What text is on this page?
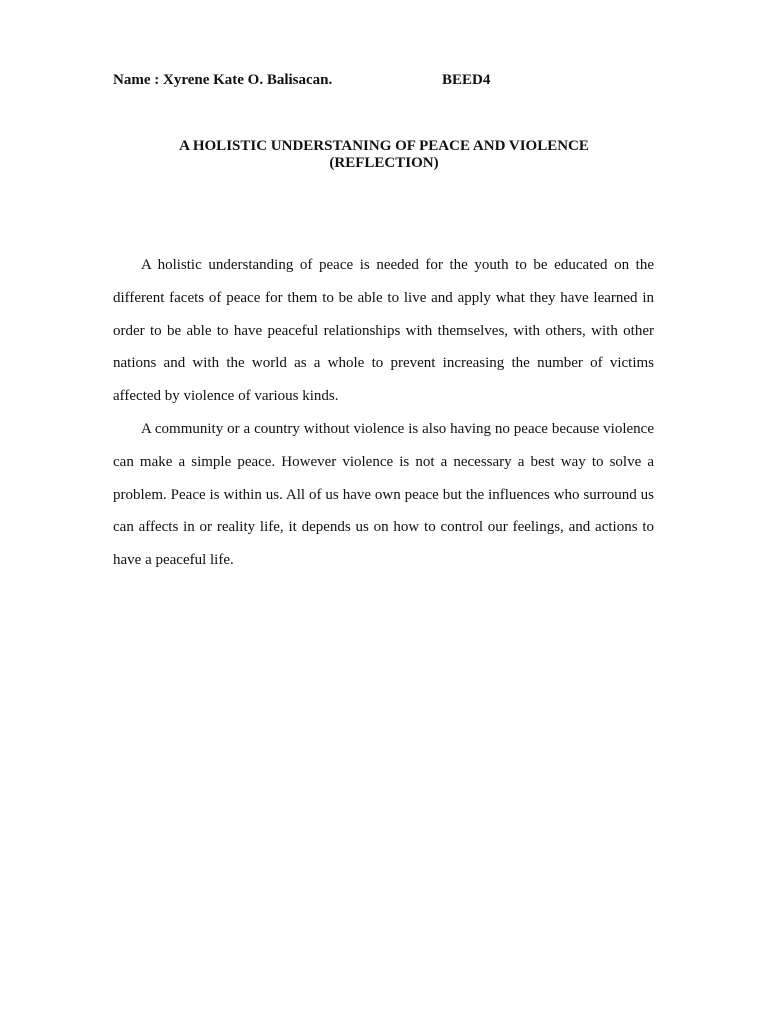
Name : Xyrene Kate O. Balisacan.	BEED4
A HOLISTIC UNDERSTANING OF PEACE AND VIOLENCE
(REFLECTION)

A holistic understanding of peace is needed for the youth to be educated on the different facets of peace for them to be able to live and apply what they have learned in order to be able to have peaceful relationships with themselves, with others, with other nations and with the world as a whole to prevent increasing the number of victims affected by violence of various kinds.

A community or a country without violence is also having no peace because violence can make a simple peace. However violence is not a necessary a best way to solve a problem. Peace is within us. All of us have own peace but the influences who surround us can affects in or reality life, it depends us on how to control our feelings, and actions to have a peaceful life.
